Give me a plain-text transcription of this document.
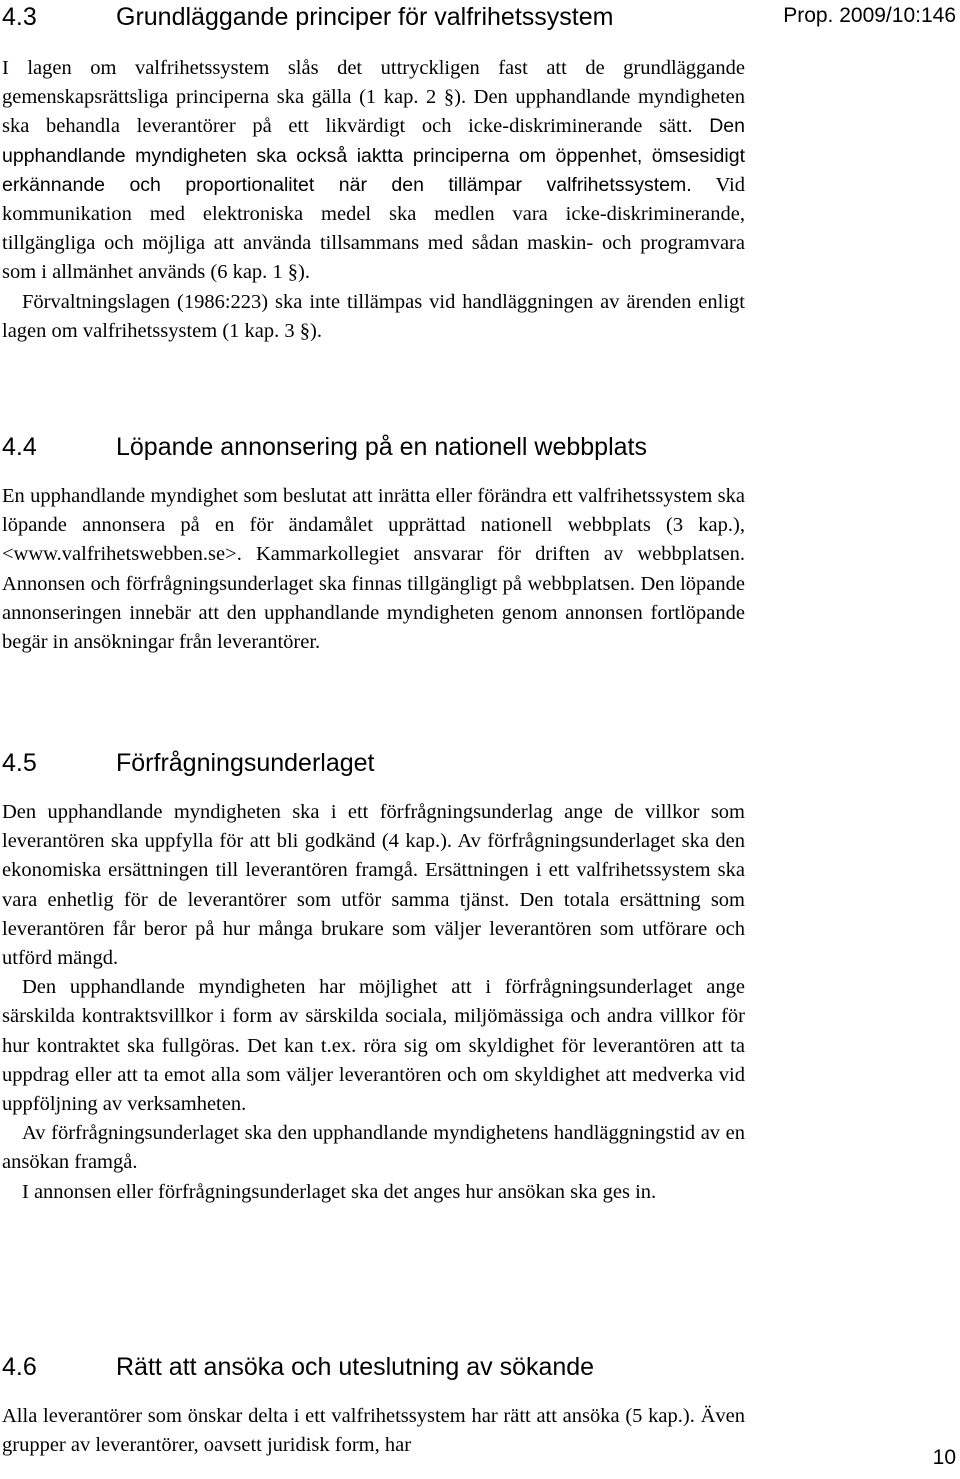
Prop. 2009/10:146
4.3	Grundläggande principer för valfrihetssystem

I lagen om valfrihetssystem slås det uttryckligen fast att de grundläggande gemenskapsrättsliga principerna ska gälla (1 kap. 2 §). Den upphandlande myndigheten ska behandla leverantörer på ett likvärdigt och icke-diskriminerande sätt. Den upphandlande myndigheten ska också iaktta principerna om öppenhet, ömsesidigt erkännande och proportionalitet när den tillämpar valfrihetssystem. Vid kommunikation med elektroniska medel ska medlen vara icke-diskriminerande, tillgängliga och möjliga att använda tillsammans med sådan maskin- och programvara som i allmänhet används (6 kap. 1 §).

Förvaltningslagen (1986:223) ska inte tillämpas vid handläggningen av ärenden enligt lagen om valfrihetssystem (1 kap. 3 §).

4.4	Löpande annonsering på en nationell webbplats

En upphandlande myndighet som beslutat att inrätta eller förändra ett valfrihetssystem ska löpande annonsera på en för ändamålet upprättad nationell webbplats (3 kap.), <www.valfrihetswebben.se>. Kammarkollegiet ansvarar för driften av webbplatsen. Annonsen och förfrågningsunderlaget ska finnas tillgängligt på webbplatsen. Den löpande annonseringen innebär att den upphandlande myndigheten genom annonsen fortlöpande begär in ansökningar från leverantörer.

4.5	Förfrågningsunderlaget

Den upphandlande myndigheten ska i ett förfrågningsunderlag ange de villkor som leverantören ska uppfylla för att bli godkänd (4 kap.). Av förfrågningsunderlaget ska den ekonomiska ersättningen till leverantören framgå. Ersättningen i ett valfrihetssystem ska vara enhetlig för de leverantörer som utför samma tjänst. Den totala ersättning som leverantören får beror på hur många brukare som väljer leverantören som utförare och utförd mängd.

Den upphandlande myndigheten har möjlighet att i förfrågningsunderlaget ange särskilda kontraktsvillkor i form av särskilda sociala, miljömässiga och andra villkor för hur kontraktet ska fullgöras. Det kan t.ex. röra sig om skyldighet för leverantören att ta uppdrag eller att ta emot alla som väljer leverantören och om skyldighet att medverka vid uppföljning av verksamheten.

Av förfrågningsunderlaget ska den upphandlande myndighetens handläggningstid av en ansökan framgå.

I annonsen eller förfrågningsunderlaget ska det anges hur ansökan ska ges in.

4.6	Rätt att ansöka och uteslutning av sökande

Alla leverantörer som önskar delta i ett valfrihetssystem har rätt att ansöka (5 kap.). Även grupper av leverantörer, oavsett juridisk form, har

10
